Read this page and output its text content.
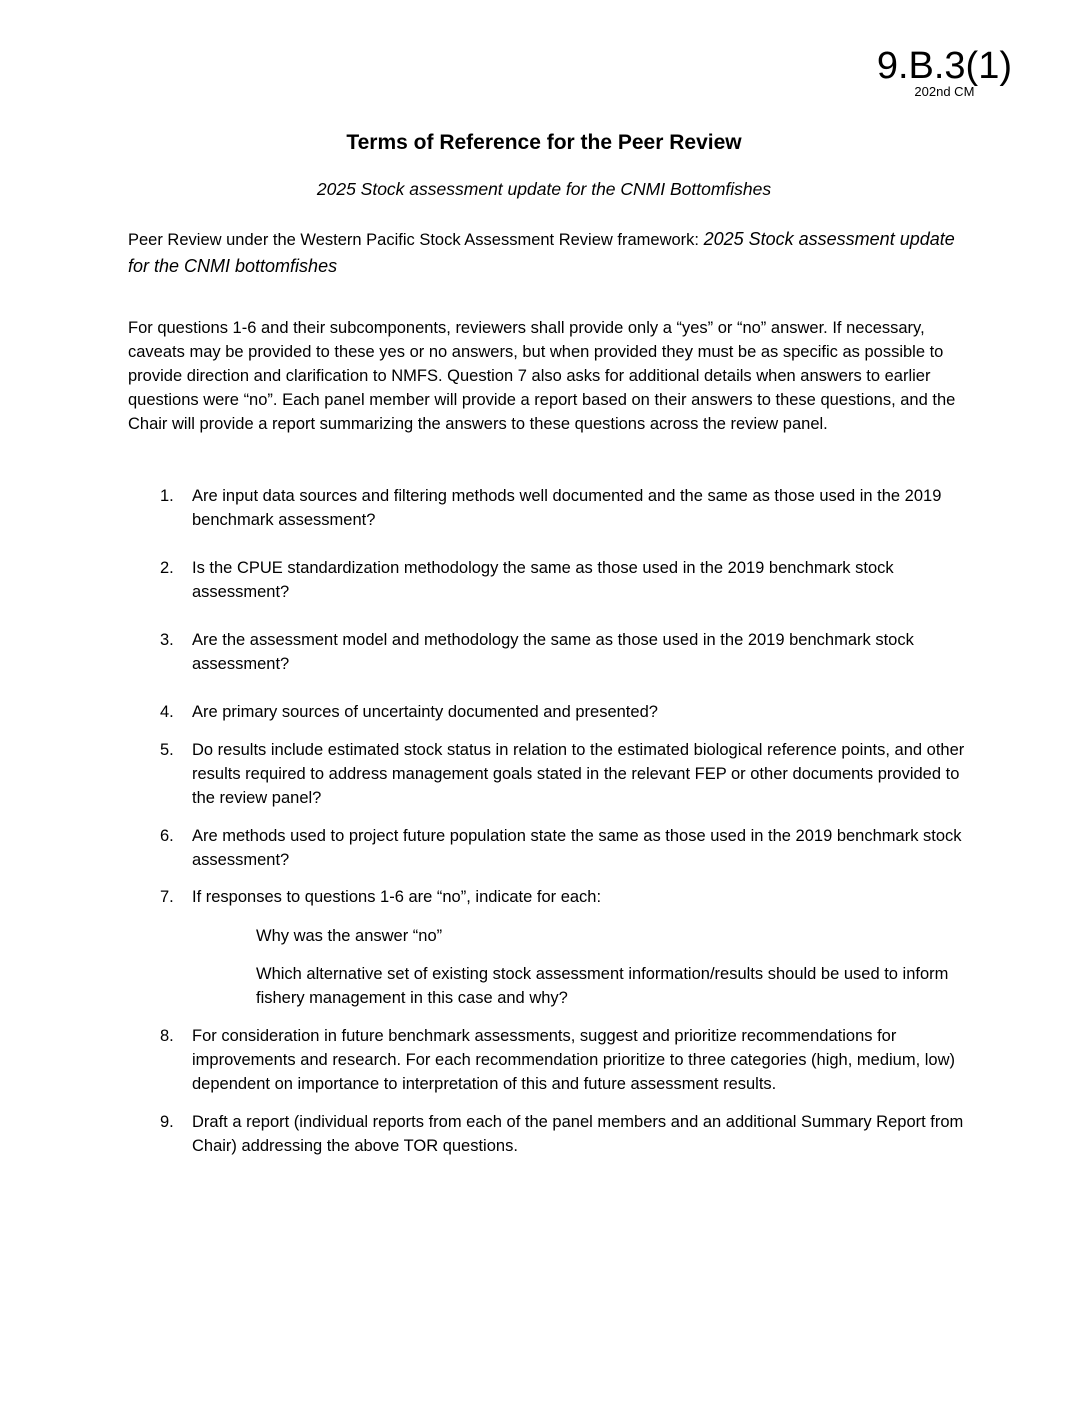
9.B.3(1)
202nd CM
Terms of Reference for the Peer Review
2025 Stock assessment update for the CNMI Bottomfishes
Peer Review under the Western Pacific Stock Assessment Review framework: 2025 Stock assessment update for the CNMI bottomfishes
For questions 1-6 and their subcomponents, reviewers shall provide only a “yes” or “no” answer. If necessary, caveats may be provided to these yes or no answers, but when provided they must be as specific as possible to provide direction and clarification to NMFS. Question 7 also asks for additional details when answers to earlier questions were “no”. Each panel member will provide a report based on their answers to these questions, and the Chair will provide a report summarizing the answers to these questions across the review panel.
1. Are input data sources and filtering methods well documented and the same as those used in the 2019 benchmark assessment?
2. Is the CPUE standardization methodology the same as those used in the 2019 benchmark stock assessment?
3. Are the assessment model and methodology the same as those used in the 2019 benchmark stock assessment?
4. Are primary sources of uncertainty documented and presented?
5. Do results include estimated stock status in relation to the estimated biological reference points, and other results required to address management goals stated in the relevant FEP or other documents provided to the review panel?
6. Are methods used to project future population state the same as those used in the 2019 benchmark stock assessment?
7. If responses to questions 1-6 are “no”, indicate for each:
Why was the answer “no”
Which alternative set of existing stock assessment information/results should be used to inform fishery management in this case and why?
8. For consideration in future benchmark assessments, suggest and prioritize recommendations for improvements and research. For each recommendation prioritize to three categories (high, medium, low) dependent on importance to interpretation of this and future assessment results.
9. Draft a report (individual reports from each of the panel members and an additional Summary Report from Chair) addressing the above TOR questions.
